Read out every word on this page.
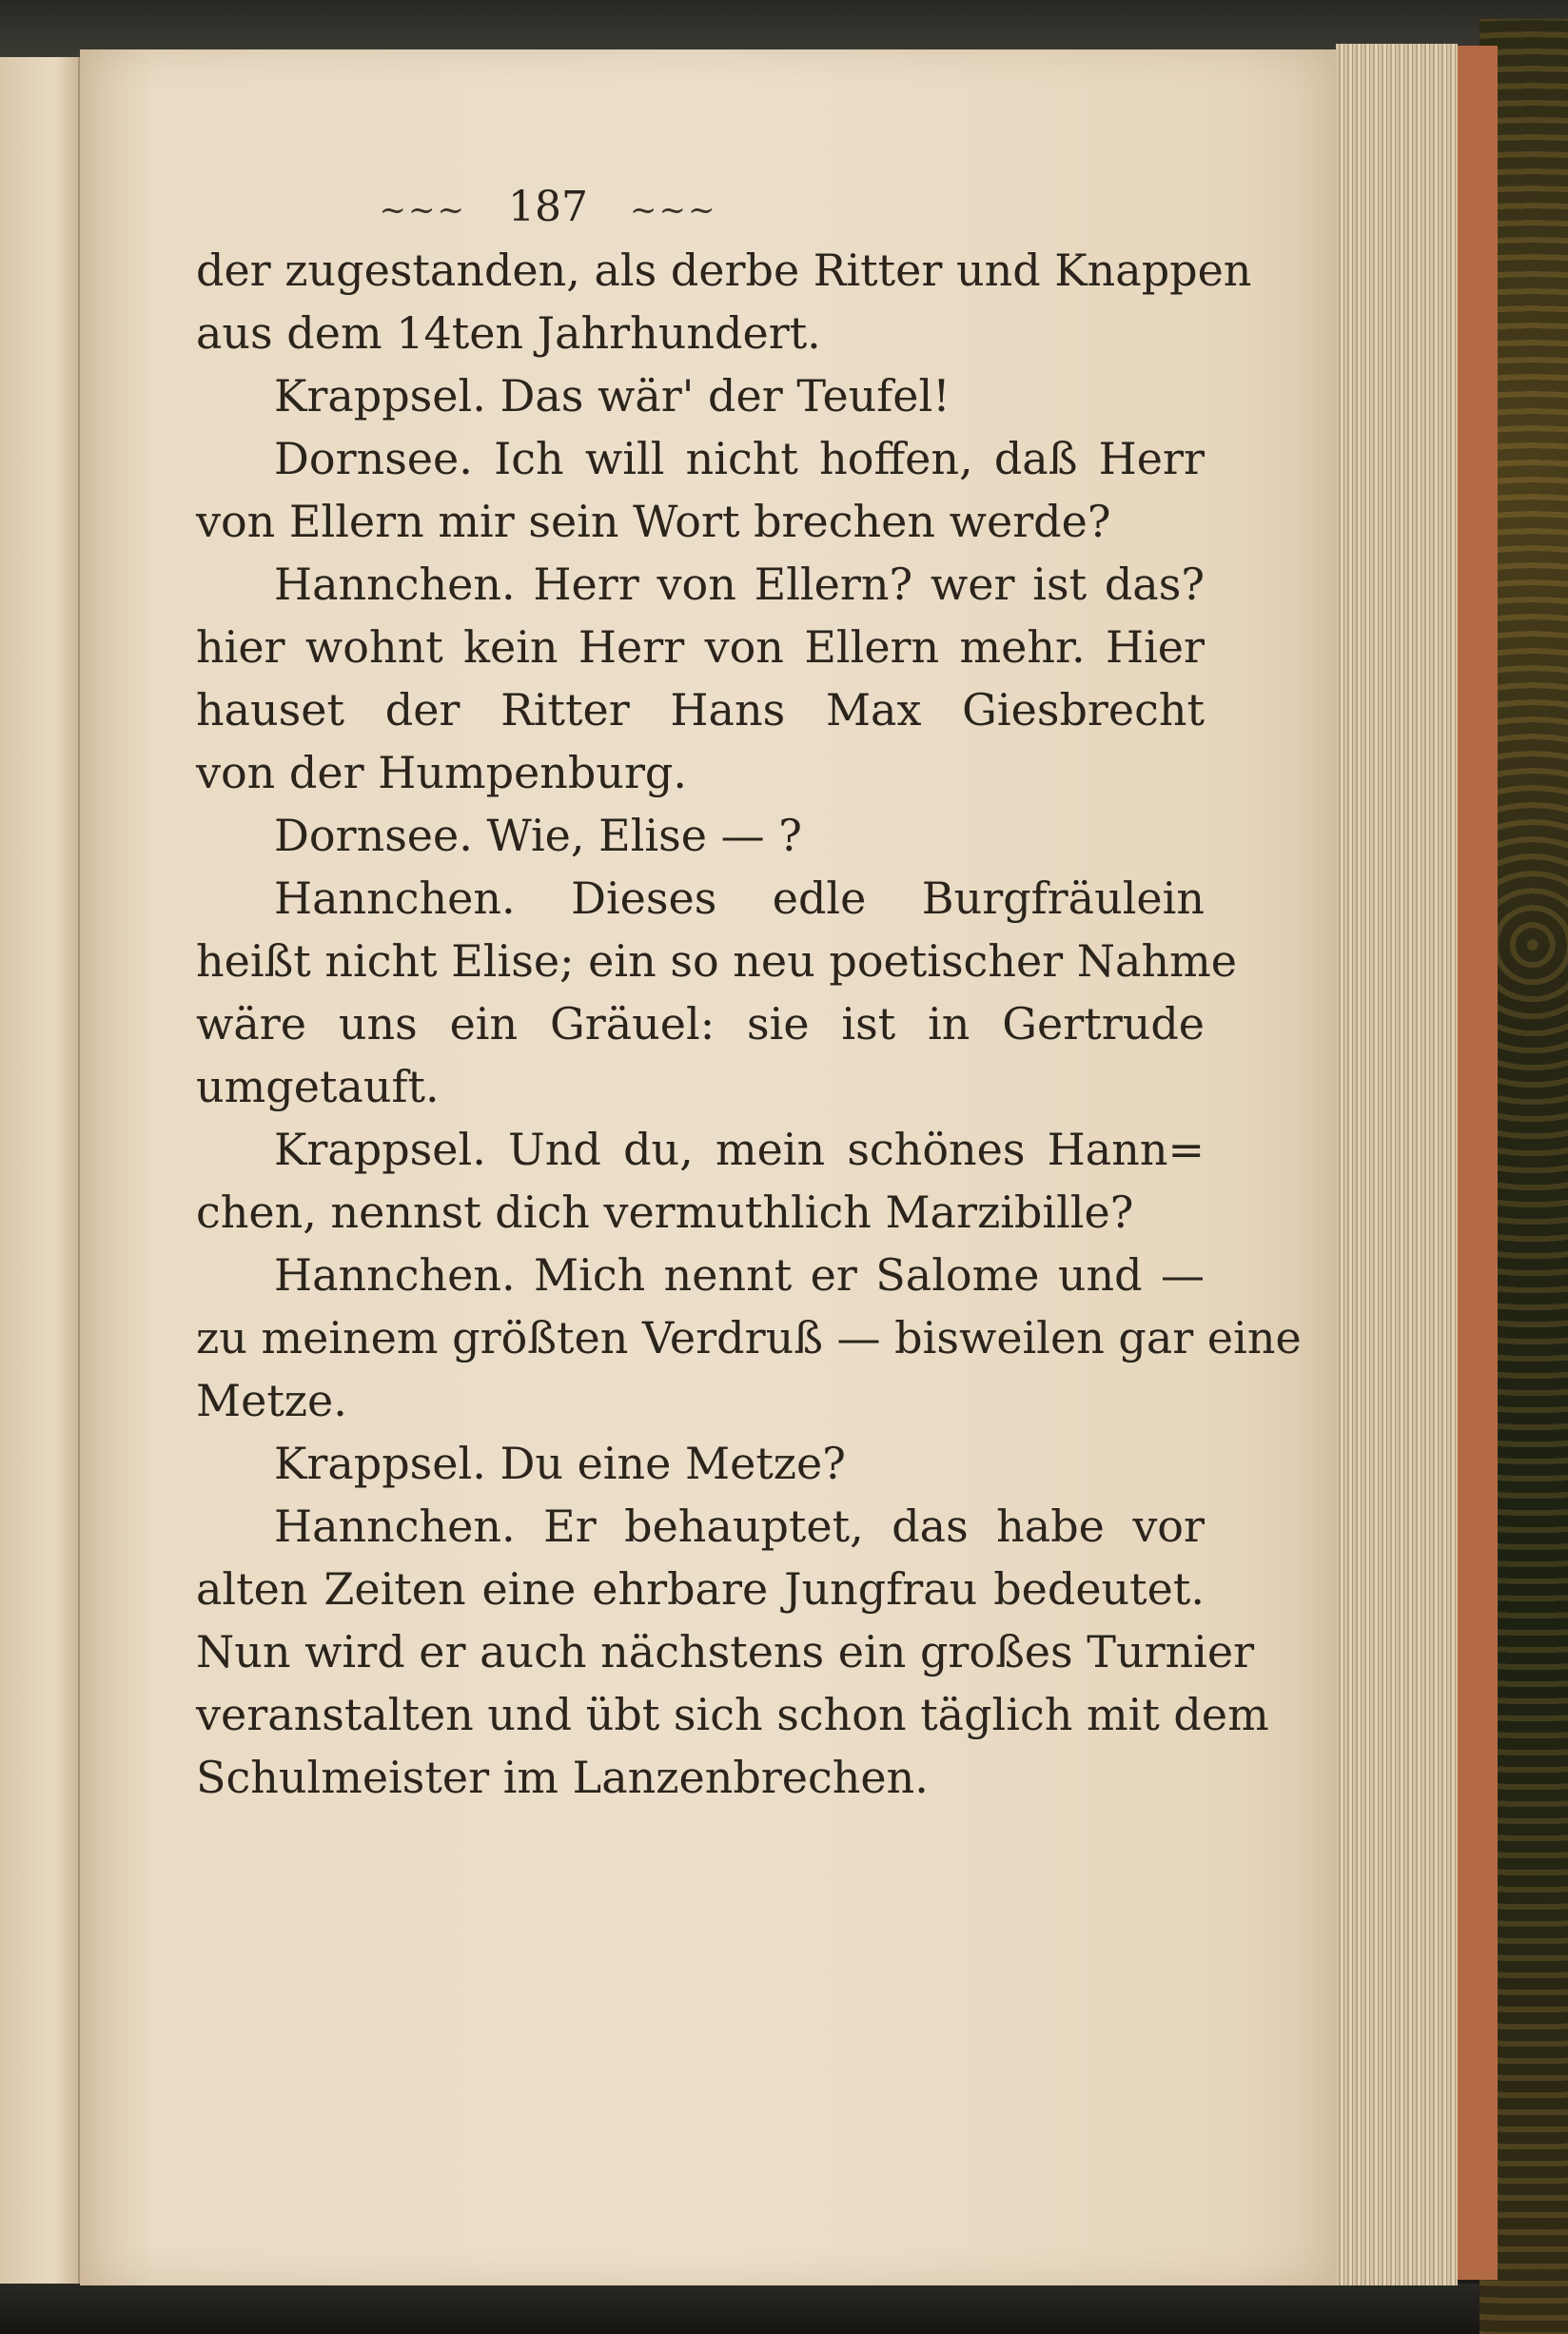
~~~ 187 ~~~
der zugestanden, als derbe Ritter und Knappen
aus dem 14ten Jahrhundert.
Krappsel. Das wär' der Teufel!
Dornsee. Ich will nicht hoffen, daß Herr
von Ellern mir sein Wort brechen werde?
Hannchen. Herr von Ellern? wer ist das?
hier wohnt kein Herr von Ellern mehr. Hier
hauset der Ritter Hans Max Giesbrecht
von der Humpenburg.
Dornsee. Wie, Elise — ?
Hannchen. Dieses edle Burgfräulein
heißt nicht Elise; ein so neu poetischer Nahme
wäre uns ein Gräuel: sie ist in Gertrude
umgetauft.
Krappsel. Und du, mein schönes Hann=
chen, nennst dich vermuthlich Marzibille?
Hannchen. Mich nennt er Salome und —
zu meinem größten Verdruß — bisweilen gar eine
Metze.
Krappsel. Du eine Metze?
Hannchen. Er behauptet, das habe vor
alten Zeiten eine ehrbare Jungfrau bedeutet.
Nun wird er auch nächstens ein großes Turnier
veranstalten und übt sich schon täglich mit dem
Schulmeister im Lanzenbrechen.
